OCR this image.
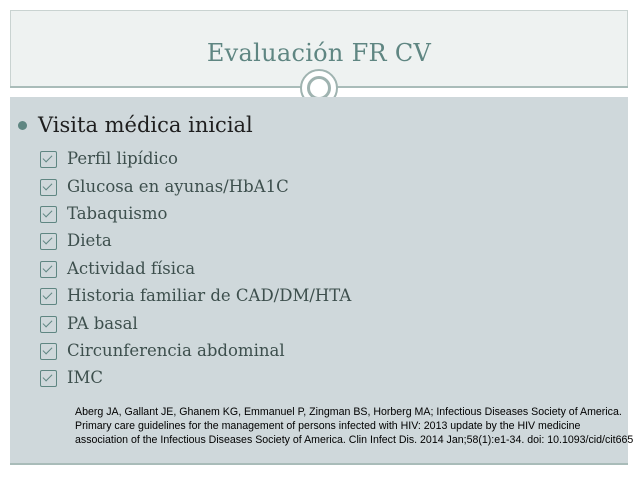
Evaluación FR CV
Visita médica inicial
Perfil lipídico
Glucosa en ayunas/HbA1C
Tabaquismo
Dieta
Actividad física
Historia familiar de CAD/DM/HTA
PA basal
Circunferencia abdominal
IMC
Aberg JA, Gallant JE, Ghanem KG, Emmanuel P, Zingman BS, Horberg MA; Infectious Diseases Society of America.
Primary care guidelines for the management of persons infected with HIV: 2013 update by the HIV medicine
association of the Infectious Diseases Society of America. Clin Infect Dis. 2014 Jan;58(1):e1-34. doi: 10.1093/cid/cit665
